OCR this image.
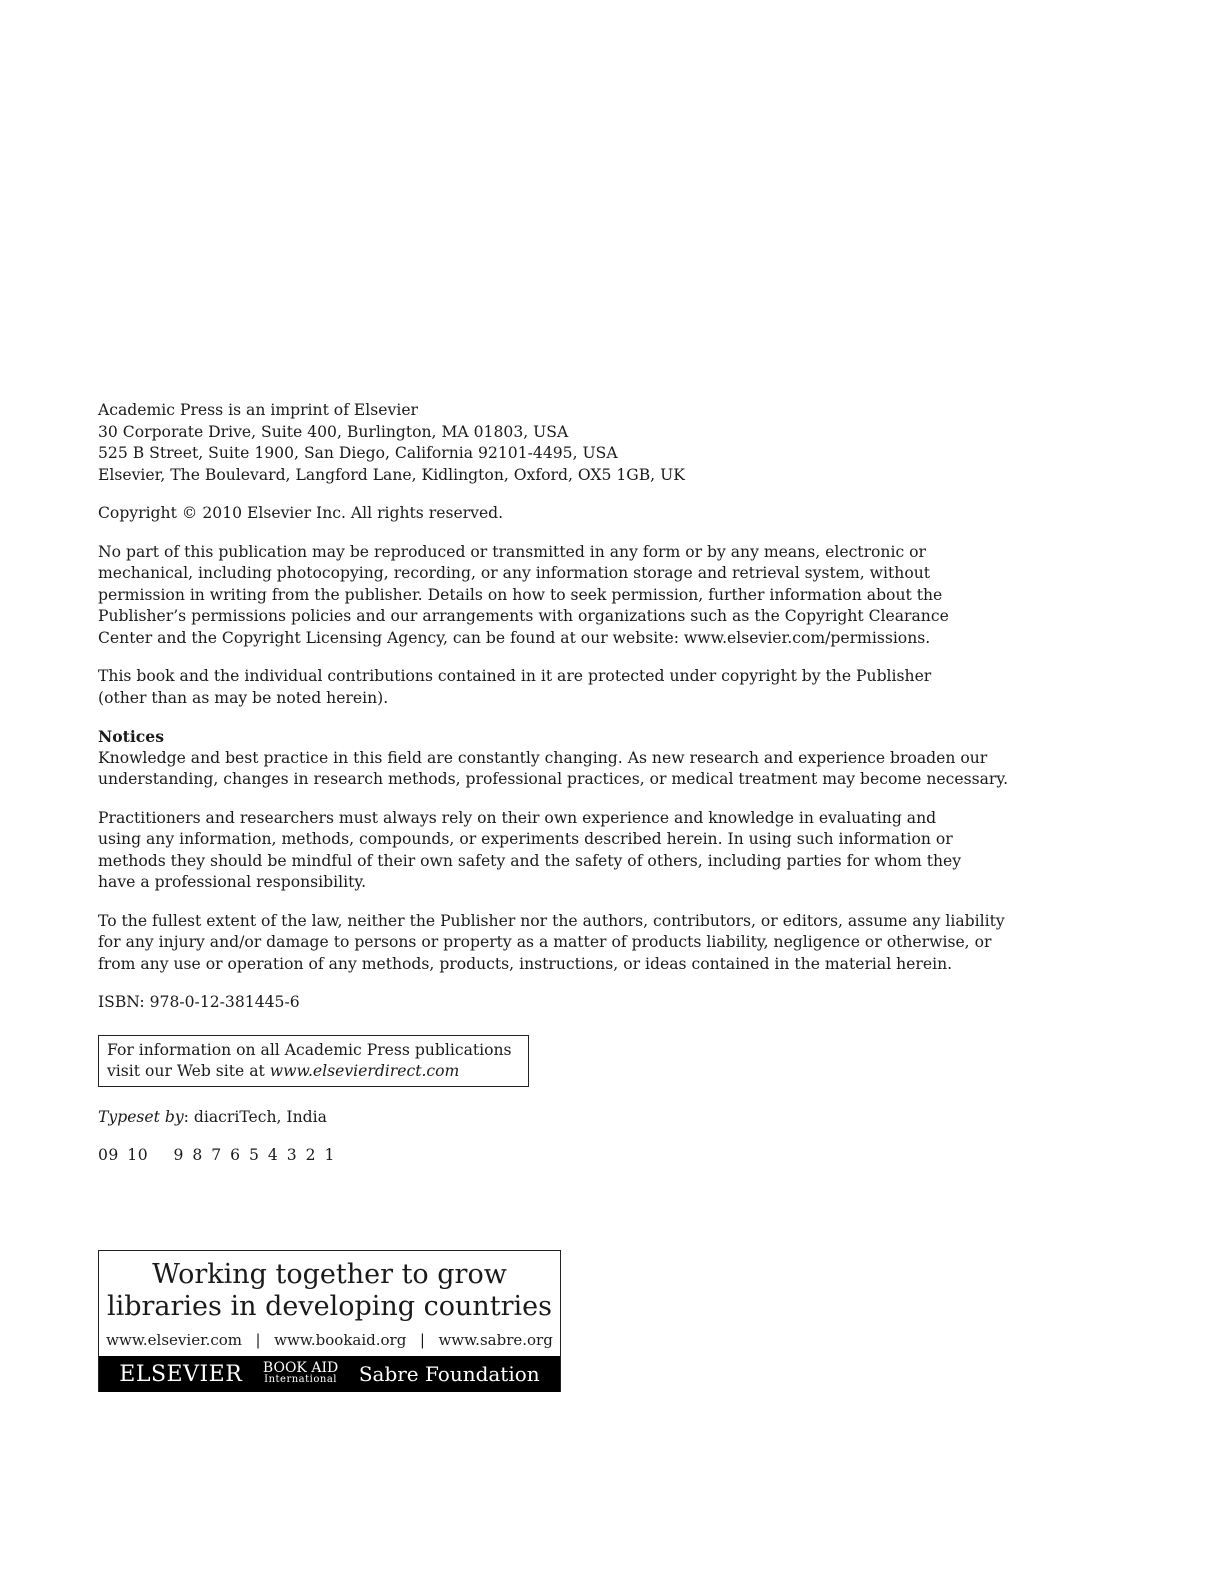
Academic Press is an imprint of Elsevier
30 Corporate Drive, Suite 400, Burlington, MA 01803, USA
525 B Street, Suite 1900, San Diego, California 92101-4495, USA
Elsevier, The Boulevard, Langford Lane, Kidlington, Oxford, OX5 1GB, UK
Copyright © 2010 Elsevier Inc. All rights reserved.
No part of this publication may be reproduced or transmitted in any form or by any means, electronic or
mechanical, including photocopying, recording, or any information storage and retrieval system, without
permission in writing from the publisher. Details on how to seek permission, further information about the
Publisher’s permissions policies and our arrangements with organizations such as the Copyright Clearance
Center and the Copyright Licensing Agency, can be found at our website: www.elsevier.com/permissions.
This book and the individual contributions contained in it are protected under copyright by the Publisher
(other than as may be noted herein).
Notices
Knowledge and best practice in this field are constantly changing. As new research and experience broaden our
understanding, changes in research methods, professional practices, or medical treatment may become necessary.
Practitioners and researchers must always rely on their own experience and knowledge in evaluating and
using any information, methods, compounds, or experiments described herein. In using such information or
methods they should be mindful of their own safety and the safety of others, including parties for whom they
have a professional responsibility.
To the fullest extent of the law, neither the Publisher nor the authors, contributors, or editors, assume any liability
for any injury and/or damage to persons or property as a matter of products liability, negligence or otherwise, or
from any use or operation of any methods, products, instructions, or ideas contained in the material herein.
ISBN: 978-0-12-381445-6
For information on all Academic Press publications
visit our Web site at www.elsevierdirect.com
Typeset by: diacriTech, India
09 10   9 8 7 6 5 4 3 2 1
Working together to grow
libraries in developing countries
www.elsevier.com  |  www.bookaid.org  |  www.sabre.org
ELSEVIER BOOK AID
International Sabre Foundation
